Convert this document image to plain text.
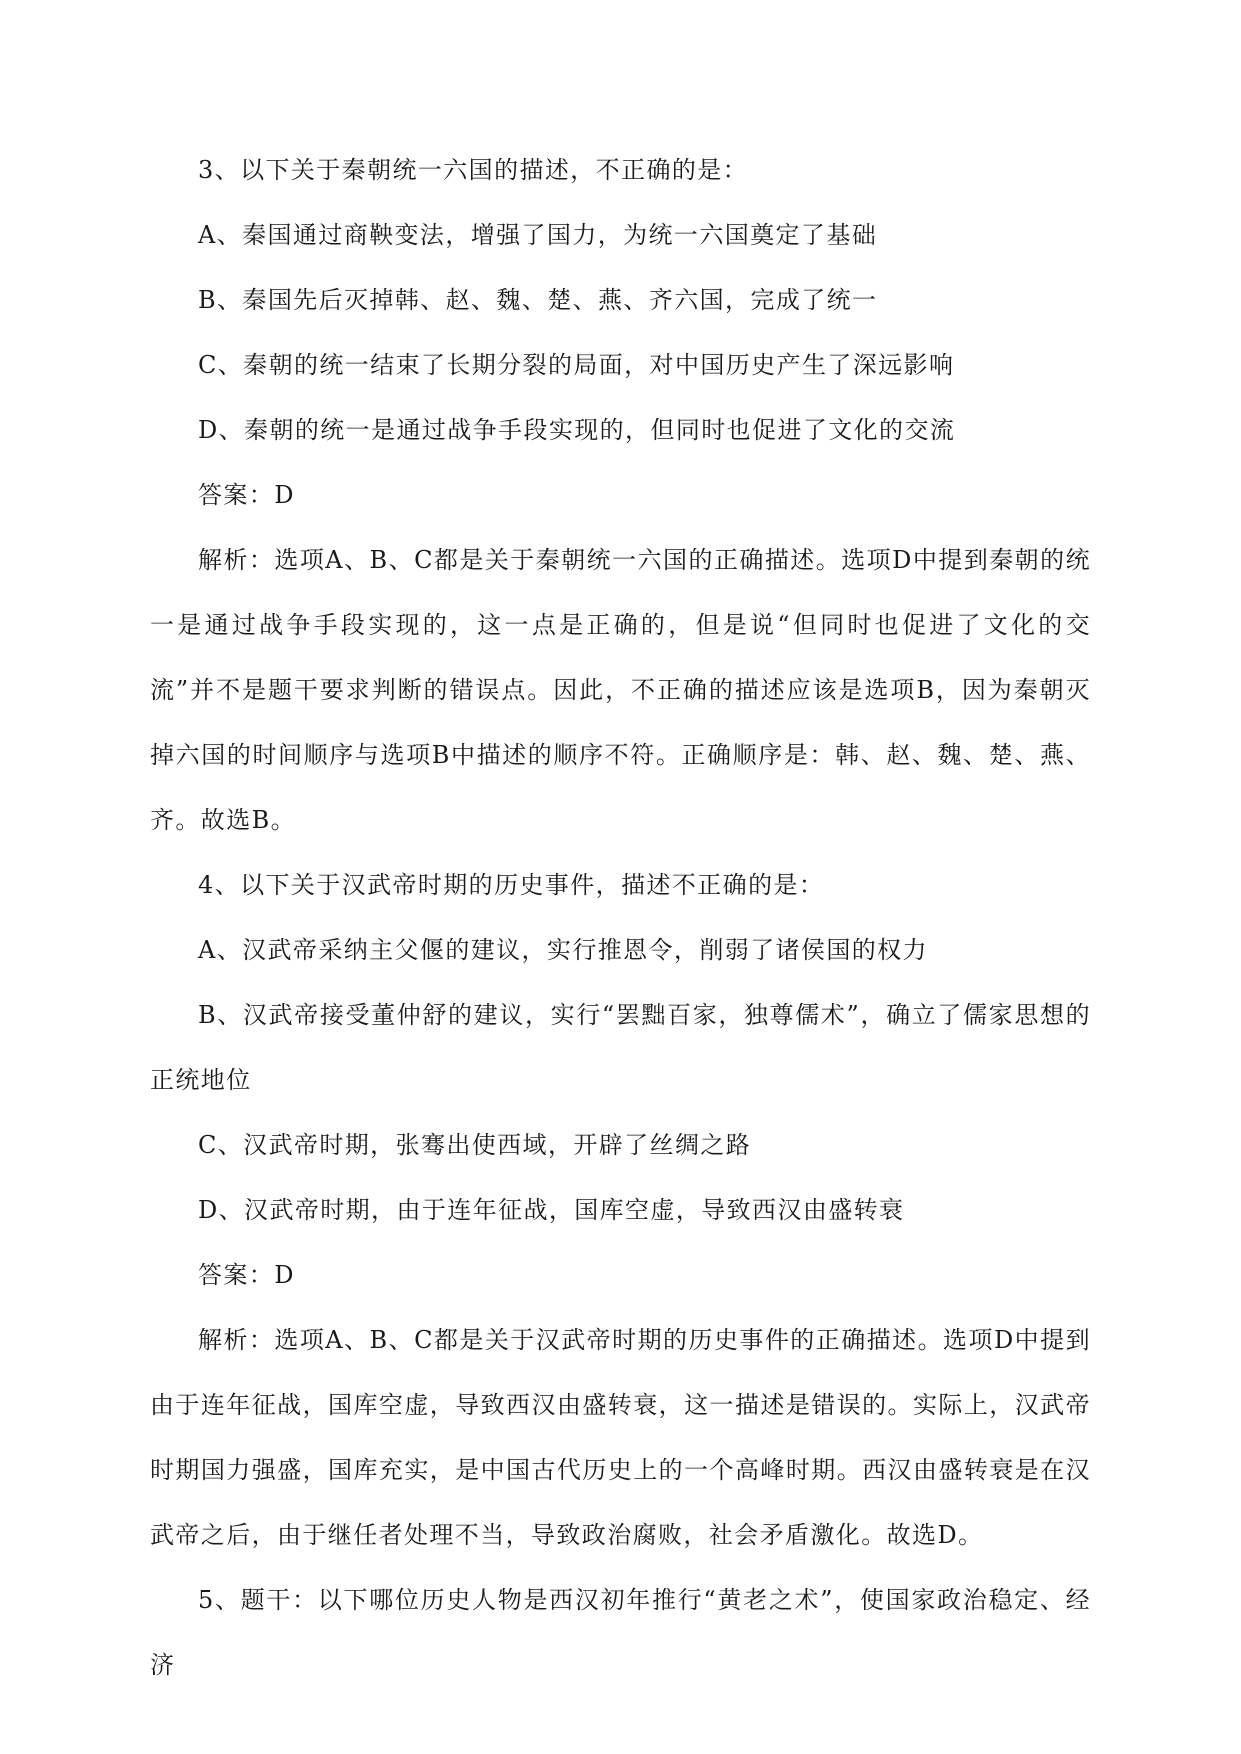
3、以下关于秦朝统一六国的描述，不正确的是：

A、秦国通过商鞅变法，增强了国力，为统一六国奠定了基础

B、秦国先后灭掉韩、赵、魏、楚、燕、齐六国，完成了统一

C、秦朝的统一结束了长期分裂的局面，对中国历史产生了深远影响

D、秦朝的统一是通过战争手段实现的，但同时也促进了文化的交流

答案：D

解析：选项A、B、C都是关于秦朝统一六国的正确描述。选项D中提到秦朝的统一是通过战争手段实现的，这一点是正确的，但是说“但同时也促进了文化的交流”并不是题干要求判断的错误点。因此，不正确的描述应该是选项B，因为秦朝灭掉六国的时间顺序与选项B中描述的顺序不符。正确顺序是：韩、赵、魏、楚、燕、齐。故选B。

4、以下关于汉武帝时期的历史事件，描述不正确的是：

A、汉武帝采纳主父偃的建议，实行推恩令，削弱了诸侯国的权力

B、汉武帝接受董仲舒的建议，实行“罢黜百家，独尊儒术”，确立了儒家思想的正统地位

C、汉武帝时期，张骞出使西域，开辟了丝绸之路

D、汉武帝时期，由于连年征战，国库空虚，导致西汉由盛转衰

答案：D

解析：选项A、B、C都是关于汉武帝时期的历史事件的正确描述。选项D中提到由于连年征战，国库空虚，导致西汉由盛转衰，这一描述是错误的。实际上，汉武帝时期国力强盛，国库充实，是中国古代历史上的一个高峰时期。西汉由盛转衰是在汉武帝之后，由于继任者处理不当，导致政治腐败，社会矛盾激化。故选D。

5、题干：以下哪位历史人物是西汉初年推行“黄老之术”，使国家政治稳定、经济
